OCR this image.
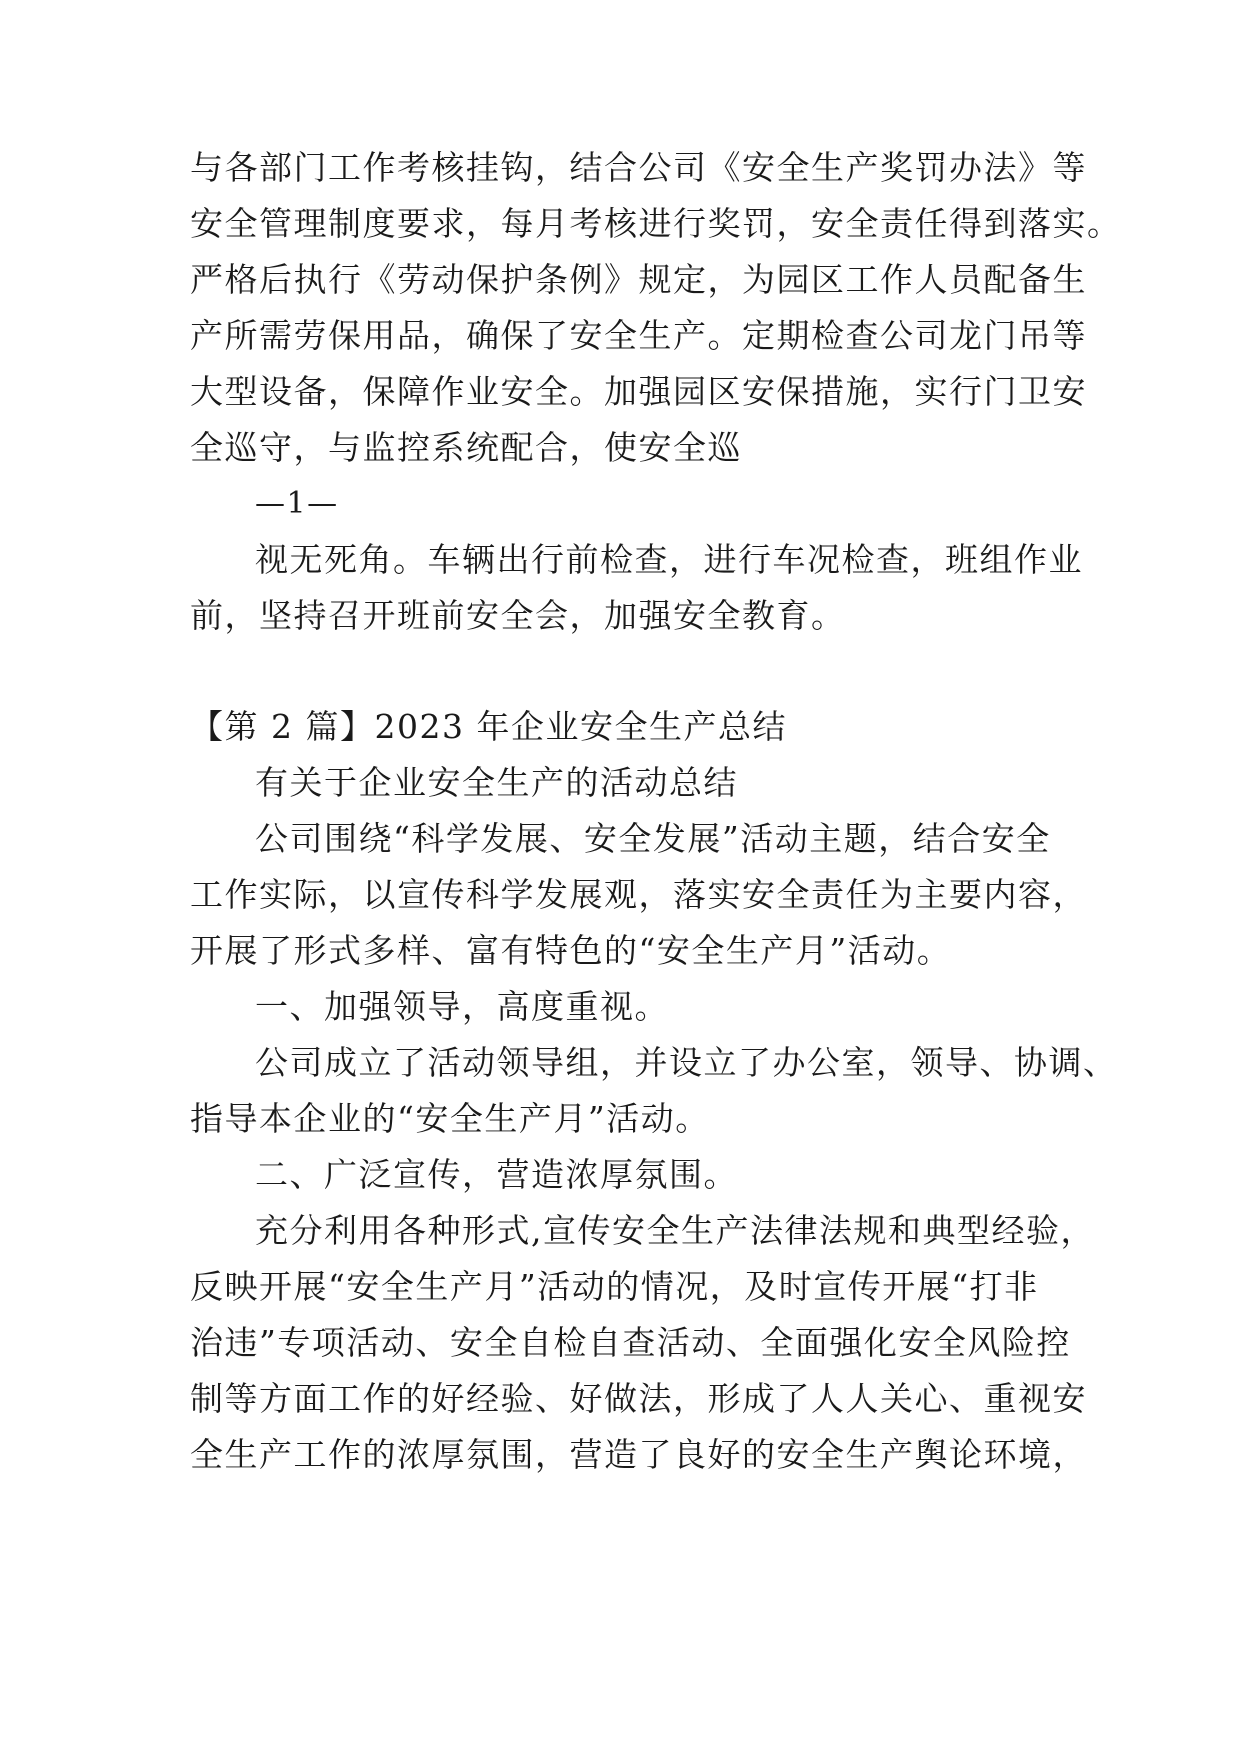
与各部门工作考核挂钩，结合公司《安全生产奖罚办法》等
安全管理制度要求，每月考核进行奖罚，安全责任得到落实。
严格后执行《劳动保护条例》规定，为园区工作人员配备生
产所需劳保用品，确保了安全生产。定期检查公司龙门吊等
大型设备，保障作业安全。加强园区安保措施，实行门卫安
全巡守，与监控系统配合，使安全巡
—1—
视无死角。车辆出行前检查，进行车况检查，班组作业
前，坚持召开班前安全会，加强安全教育。
【第 2 篇】2023 年企业安全生产总结
有关于企业安全生产的活动总结
公司围绕“科学发展、安全发展”活动主题，结合安全
工作实际，以宣传科学发展观，落实安全责任为主要内容，
开展了形式多样、富有特色的“安全生产月”活动。
一、加强领导，高度重视。
公司成立了活动领导组，并设立了办公室，领导、协调、
指导本企业的“安全生产月”活动。
二、广泛宣传，营造浓厚氛围。
充分利用各种形式,宣传安全生产法律法规和典型经验，
反映开展“安全生产月”活动的情况，及时宣传开展“打非
治违”专项活动、安全自检自查活动、全面强化安全风险控
制等方面工作的好经验、好做法，形成了人人关心、重视安
全生产工作的浓厚氛围，营造了良好的安全生产舆论环境，
